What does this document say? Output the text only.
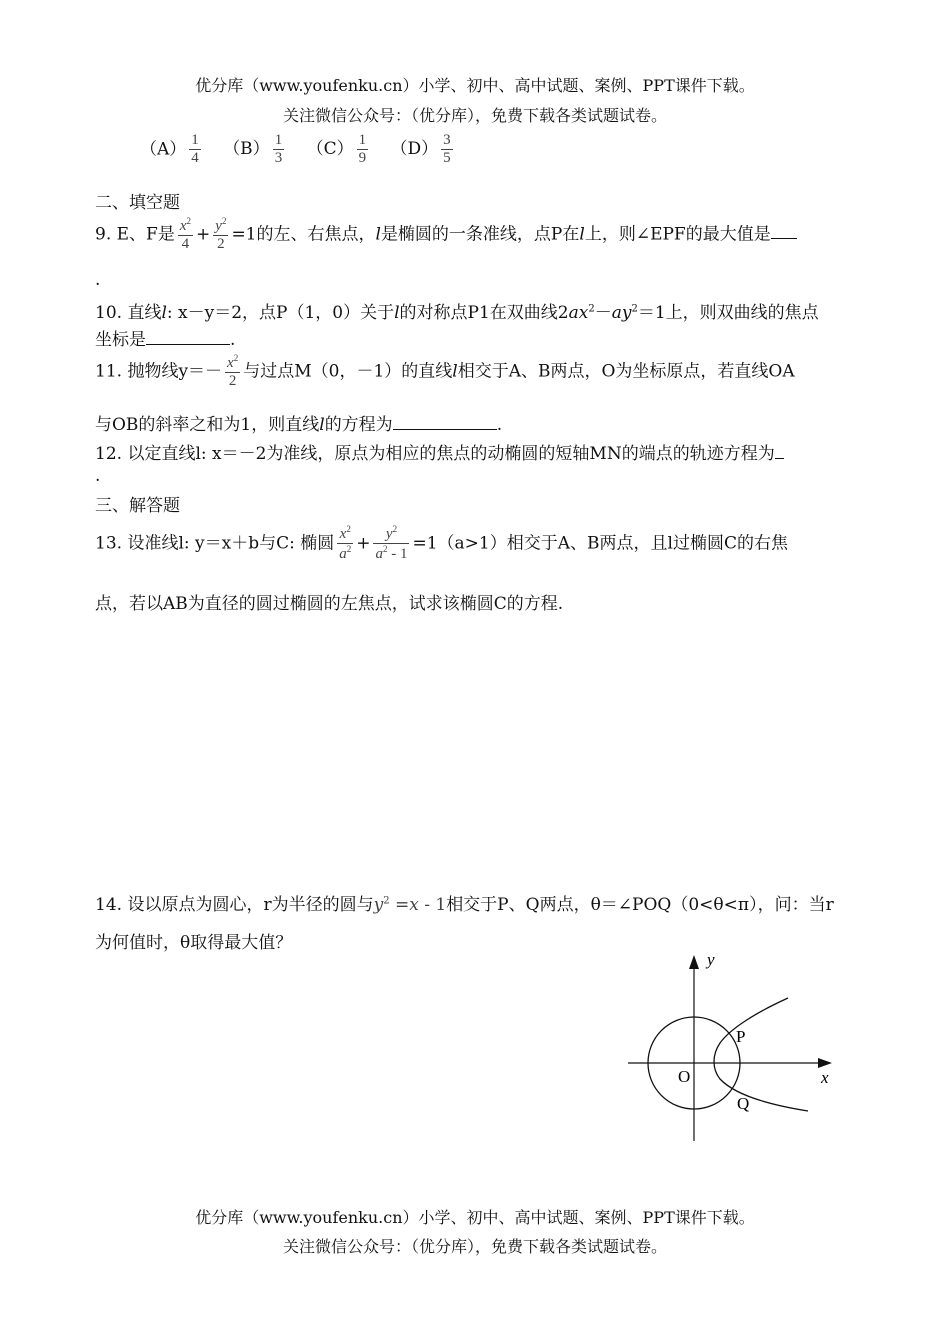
优分库（www.youfenku.cn）小学、初中、高中试题、案例、PPT课件下载。
关注微信公众号：（优分库），免费下载各类试题试卷。
$(A) \frac{1}{4} (B) \frac{1}{3} (C) \frac{1}{9} (D) \frac{3}{5}$
二、填空题
9. E、F是 $\frac{x^2}{4} + \frac{y^2}{2} =1$的左、右焦点，l是椭圆的一条准线，点P在l上，则∠EPF的最大值是
.
10. 直线l: x－y＝2，点P（1，0）关于l的对称点P1在双曲线$2ax^2-ay^2=1$上，则双曲线的焦点
坐标是	.
11. 抛物线$y=- \frac{x^2}{2}$ 与过点M（0，－1）的直线l相交于A、B两点，O为坐标原点，若直线OA
与OB的斜率之和为1，则直线l的方程为	.
12. 以定直线l: x＝－2为准线，原点为相应的焦点的动椭圆的短轴MN的端点的轨迹方程为
.
三、解答题
13. 设准线l: y＝x＋b与C: 椭圆 $\frac{x^2}{a^2} + \frac{y^2}{a^2 - 1} =1(a>1)$相交于A、B两点，且l过椭圆C的右焦
点，若以AB为直径的圆过椭圆的左焦点，试求该椭圆C的方程.
14. 设以原点为圆心，r为半径的圆与$y^2 =x - 1$相交于P、Q两点，θ＝∠POQ（0<θ<π），问：当r
为何值时，θ取得最大值？
y
x
O
P
Q
优分库（www.youfenku.cn）小学、初中、高中试题、案例、PPT课件下载。
关注微信公众号：（优分库），免费下载各类试题试卷。
